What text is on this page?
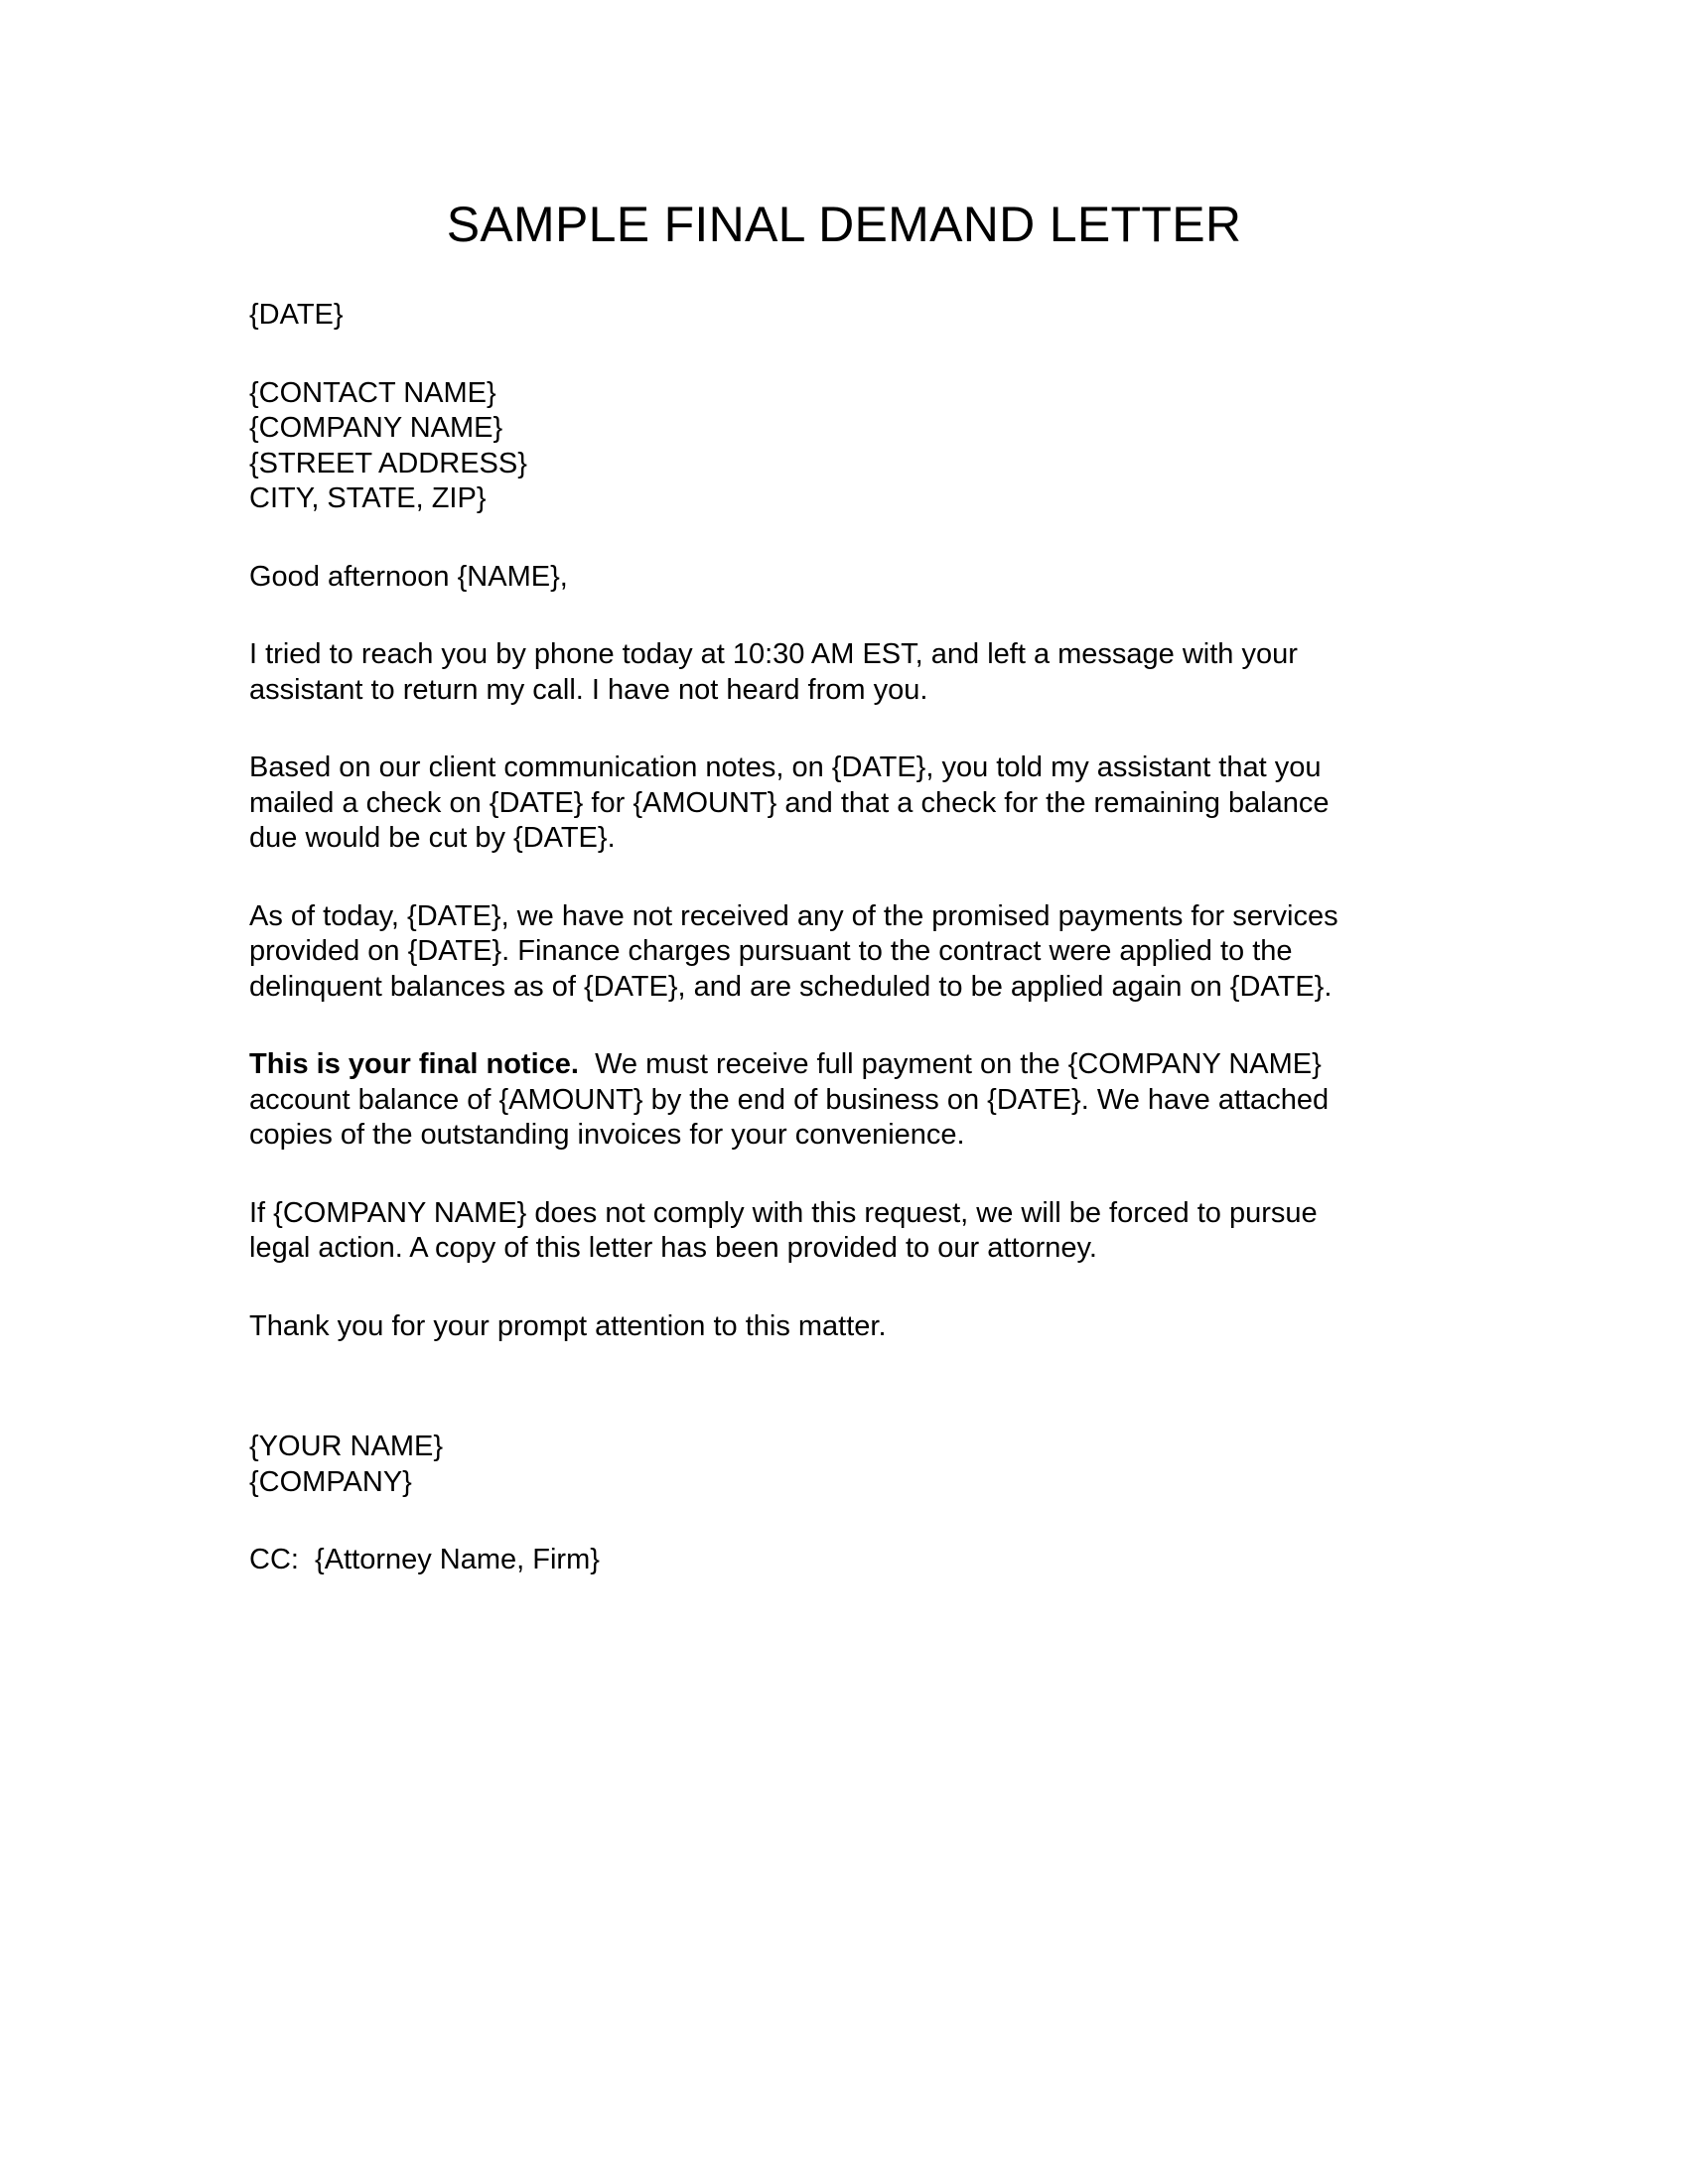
SAMPLE FINAL DEMAND LETTER
{DATE}
{CONTACT NAME}
{COMPANY NAME}
{STREET ADDRESS}
CITY, STATE, ZIP}
Good afternoon {NAME},
I tried to reach you by phone today at 10:30 AM EST, and left a message with your
assistant to return my call. I have not heard from you.
Based on our client communication notes, on {DATE}, you told my assistant that you
mailed a check on {DATE} for {AMOUNT} and that a check for the remaining balance
due would be cut by {DATE}.
As of today, {DATE}, we have not received any of the promised payments for services
provided on {DATE}. Finance charges pursuant to the contract were applied to the
delinquent balances as of {DATE}, and are scheduled to be applied again on {DATE}.
This is your final notice.  We must receive full payment on the {COMPANY NAME}
account balance of {AMOUNT} by the end of business on {DATE}. We have attached
copies of the outstanding invoices for your convenience.
If {COMPANY NAME} does not comply with this request, we will be forced to pursue
legal action. A copy of this letter has been provided to our attorney.
Thank you for your prompt attention to this matter.
{YOUR NAME}
{COMPANY}
CC:  {Attorney Name, Firm}
